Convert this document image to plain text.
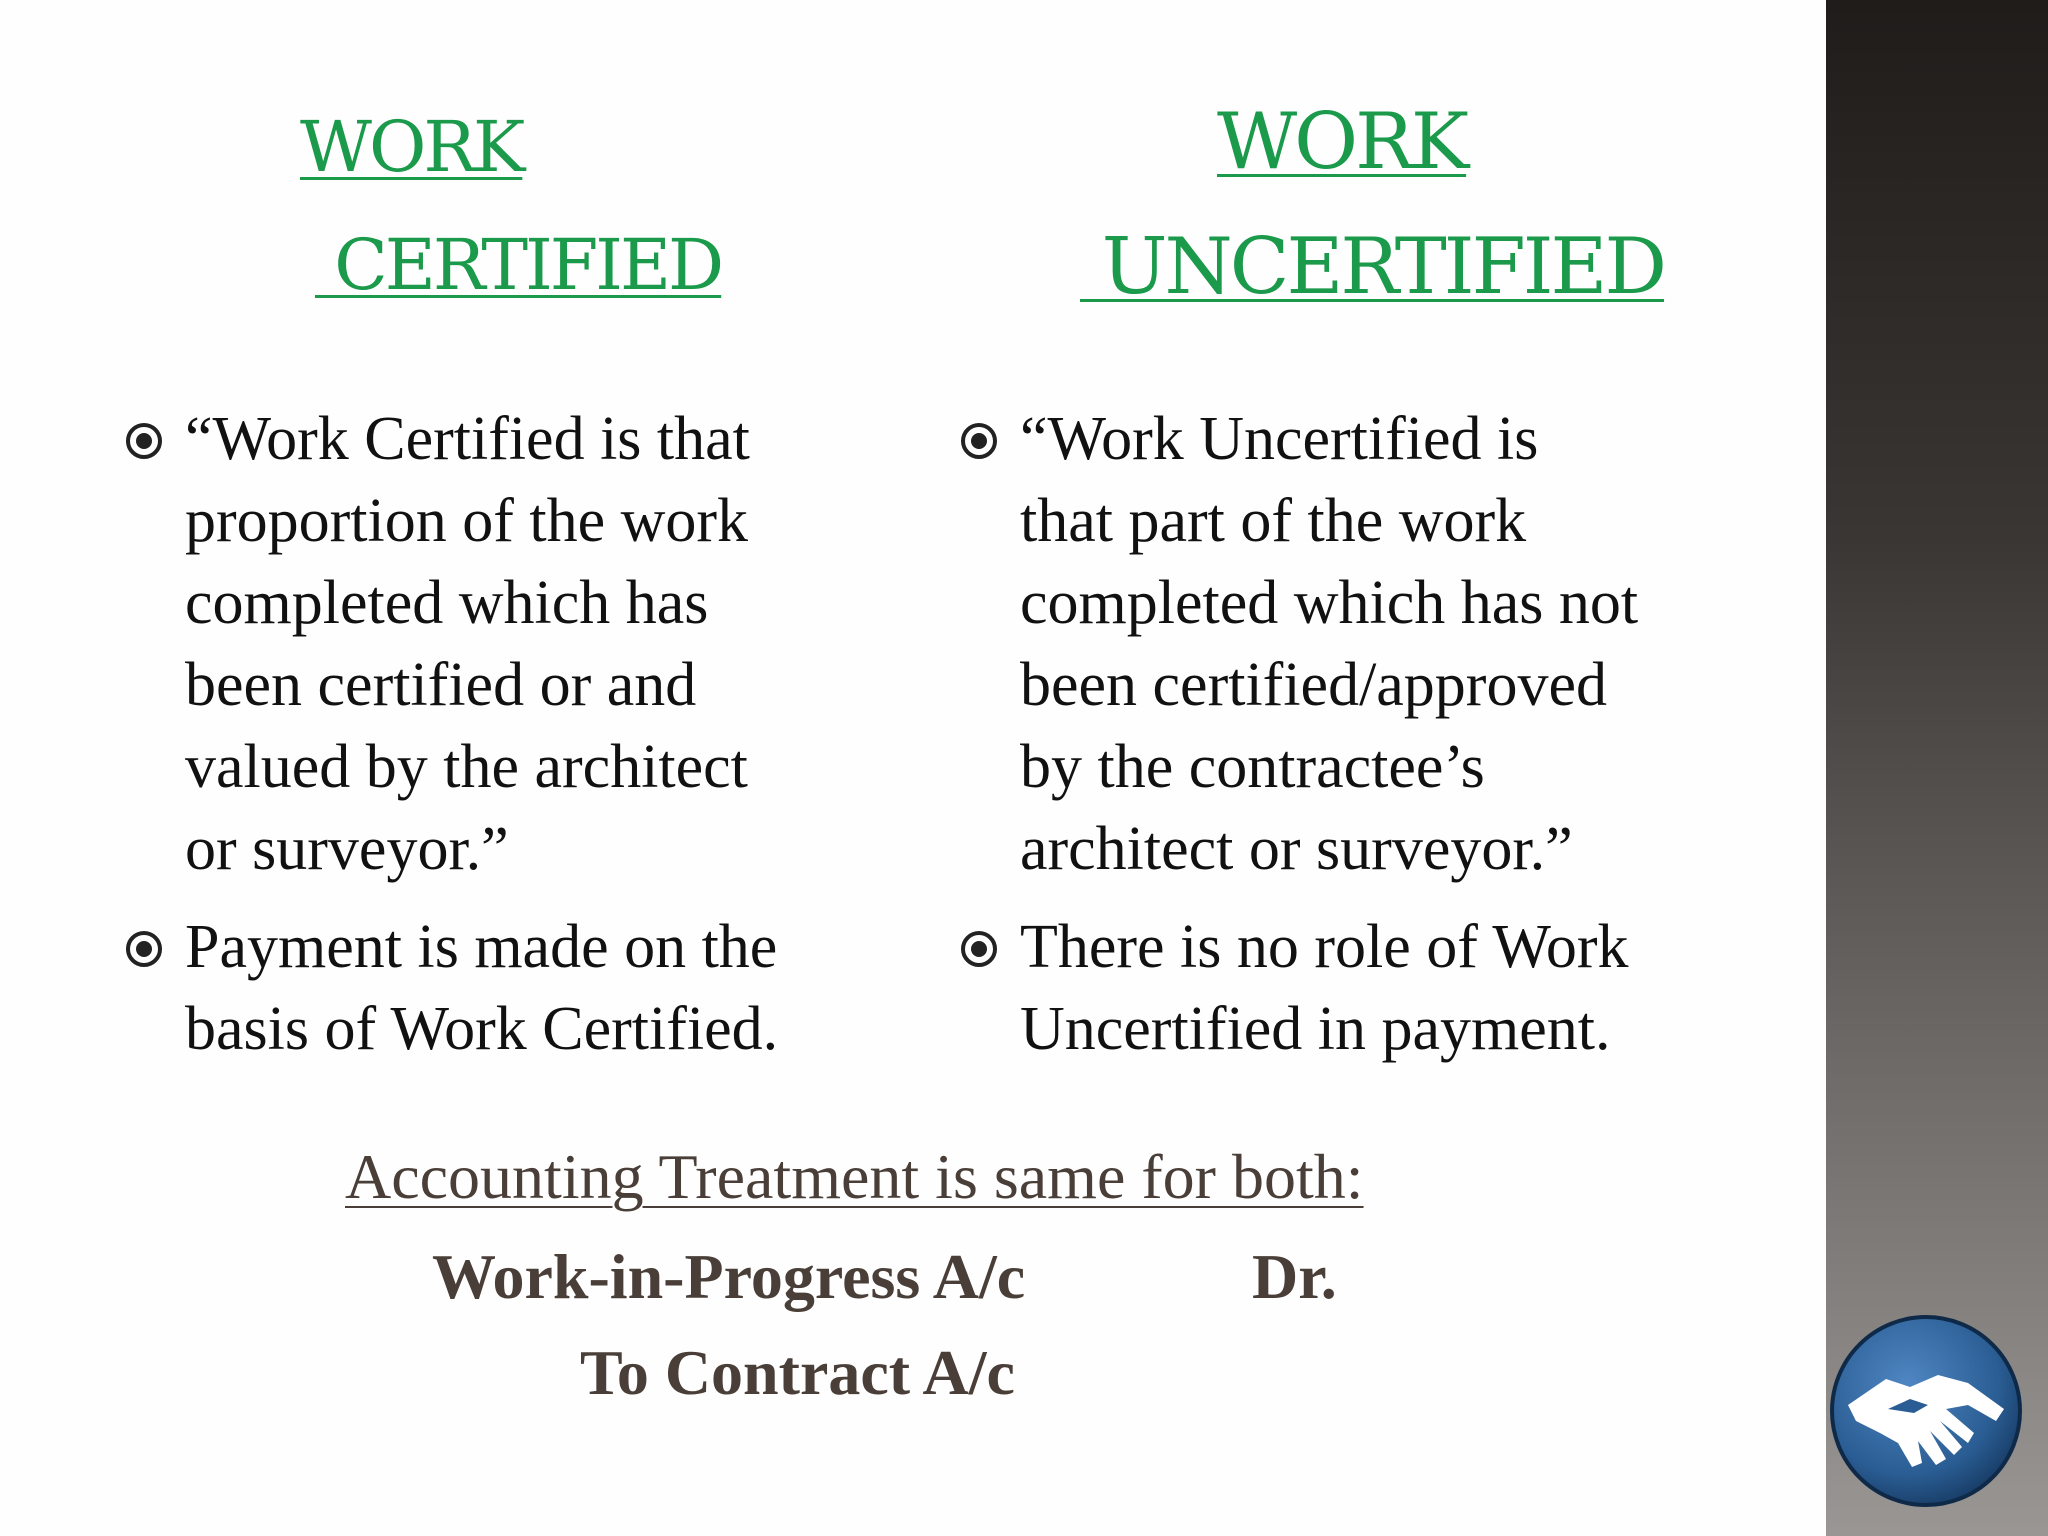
WORK
CERTIFIED
WORK
UNCERTIFIED
“Work Certified is that
proportion of the work
completed which has
been certified or and
valued by the architect
or surveyor.”
Payment is made on the
basis of Work Certified.
“Work Uncertified is
that part of the work
completed which has not
been certified/approved
by the contractee’s
architect or surveyor.”
There is no role of Work
Uncertified in payment.
Accounting Treatment is same for both:
Work-in-Progress A/c	Dr.
To Contract A/c
